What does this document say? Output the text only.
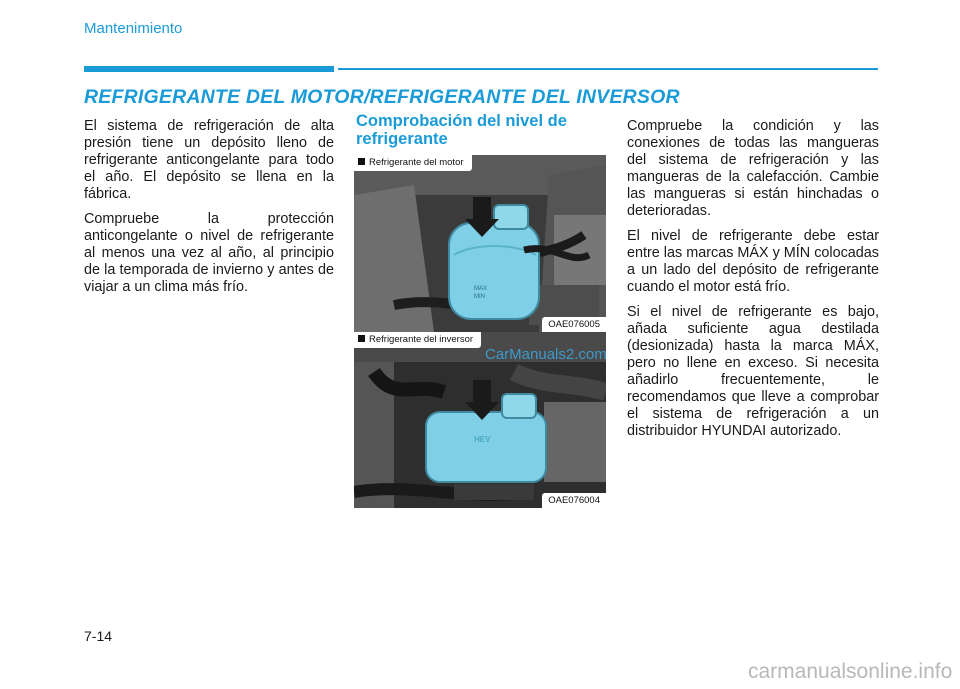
Mantenimiento
REFRIGERANTE DEL MOTOR/REFRIGERANTE DEL INVERSOR

El sistema de refrigeración de alta presión tiene un depósito lleno de refrigerante anticongelante para todo el año. El depósito se llena en la fábrica.

Compruebe la protección anticongelante o nivel de refrigerante al menos una vez al año, al principio de la temporada de invierno y antes de viajar a un clima más frío.

Comprobación del nivel de refrigerante
MAX
MIN
Refrigerante del motor
OAE076005
HEV
Refrigerante del inversor
OAE076004
CarManuals2.com

Compruebe la condición y las conexiones de todas las mangueras del sistema de refrigeración y las mangueras de la calefacción. Cambie las mangueras si están hinchadas o deterioradas.

El nivel de refrigerante debe estar entre las marcas MÁX y MÍN colocadas a un lado del depósito de refrigerante cuando el motor está frío.

Si el nivel de refrigerante es bajo, añada suficiente agua destilada (desionizada) hasta la marca MÁX, pero no llene en exceso. Si necesita añadirlo frecuentemente, le recomendamos que lleve a comprobar el sistema de refrigeración a un distribuidor HYUNDAI autorizado.

7-14
carmanualsonline.info
